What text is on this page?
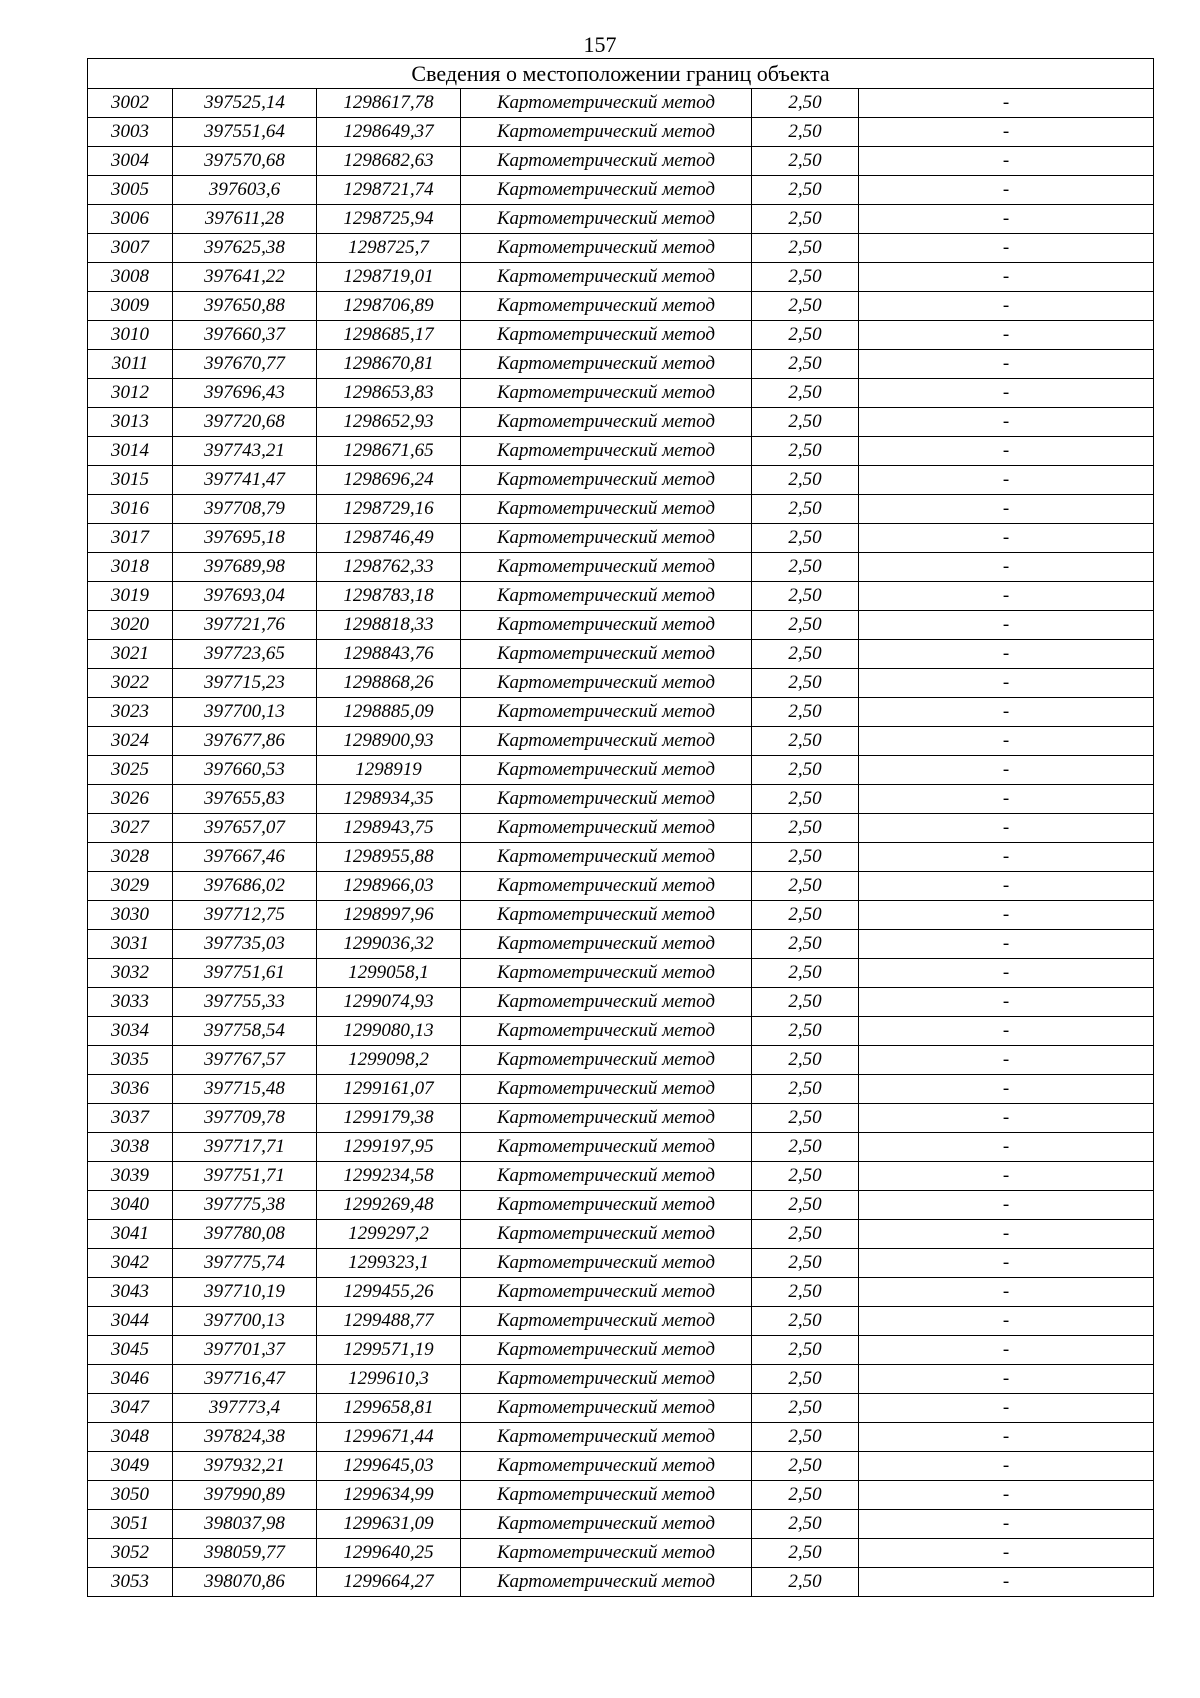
157
Сведения о местоположении границ объекта					
3002	397525,14	1298617,78	Картометрический метод	2,50	-
3003	397551,64	1298649,37	Картометрический метод	2,50	-
3004	397570,68	1298682,63	Картометрический метод	2,50	-
3005	397603,6	1298721,74	Картометрический метод	2,50	-
3006	397611,28	1298725,94	Картометрический метод	2,50	-
3007	397625,38	1298725,7	Картометрический метод	2,50	-
3008	397641,22	1298719,01	Картометрический метод	2,50	-
3009	397650,88	1298706,89	Картометрический метод	2,50	-
3010	397660,37	1298685,17	Картометрический метод	2,50	-
3011	397670,77	1298670,81	Картометрический метод	2,50	-
3012	397696,43	1298653,83	Картометрический метод	2,50	-
3013	397720,68	1298652,93	Картометрический метод	2,50	-
3014	397743,21	1298671,65	Картометрический метод	2,50	-
3015	397741,47	1298696,24	Картометрический метод	2,50	-
3016	397708,79	1298729,16	Картометрический метод	2,50	-
3017	397695,18	1298746,49	Картометрический метод	2,50	-
3018	397689,98	1298762,33	Картометрический метод	2,50	-
3019	397693,04	1298783,18	Картометрический метод	2,50	-
3020	397721,76	1298818,33	Картометрический метод	2,50	-
3021	397723,65	1298843,76	Картометрический метод	2,50	-
3022	397715,23	1298868,26	Картометрический метод	2,50	-
3023	397700,13	1298885,09	Картометрический метод	2,50	-
3024	397677,86	1298900,93	Картометрический метод	2,50	-
3025	397660,53	1298919	Картометрический метод	2,50	-
3026	397655,83	1298934,35	Картометрический метод	2,50	-
3027	397657,07	1298943,75	Картометрический метод	2,50	-
3028	397667,46	1298955,88	Картометрический метод	2,50	-
3029	397686,02	1298966,03	Картометрический метод	2,50	-
3030	397712,75	1298997,96	Картометрический метод	2,50	-
3031	397735,03	1299036,32	Картометрический метод	2,50	-
3032	397751,61	1299058,1	Картометрический метод	2,50	-
3033	397755,33	1299074,93	Картометрический метод	2,50	-
3034	397758,54	1299080,13	Картометрический метод	2,50	-
3035	397767,57	1299098,2	Картометрический метод	2,50	-
3036	397715,48	1299161,07	Картометрический метод	2,50	-
3037	397709,78	1299179,38	Картометрический метод	2,50	-
3038	397717,71	1299197,95	Картометрический метод	2,50	-
3039	397751,71	1299234,58	Картометрический метод	2,50	-
3040	397775,38	1299269,48	Картометрический метод	2,50	-
3041	397780,08	1299297,2	Картометрический метод	2,50	-
3042	397775,74	1299323,1	Картометрический метод	2,50	-
3043	397710,19	1299455,26	Картометрический метод	2,50	-
3044	397700,13	1299488,77	Картометрический метод	2,50	-
3045	397701,37	1299571,19	Картометрический метод	2,50	-
3046	397716,47	1299610,3	Картометрический метод	2,50	-
3047	397773,4	1299658,81	Картометрический метод	2,50	-
3048	397824,38	1299671,44	Картометрический метод	2,50	-
3049	397932,21	1299645,03	Картометрический метод	2,50	-
3050	397990,89	1299634,99	Картометрический метод	2,50	-
3051	398037,98	1299631,09	Картометрический метод	2,50	-
3052	398059,77	1299640,25	Картометрический метод	2,50	-
3053	398070,86	1299664,27	Картометрический метод	2,50	-
